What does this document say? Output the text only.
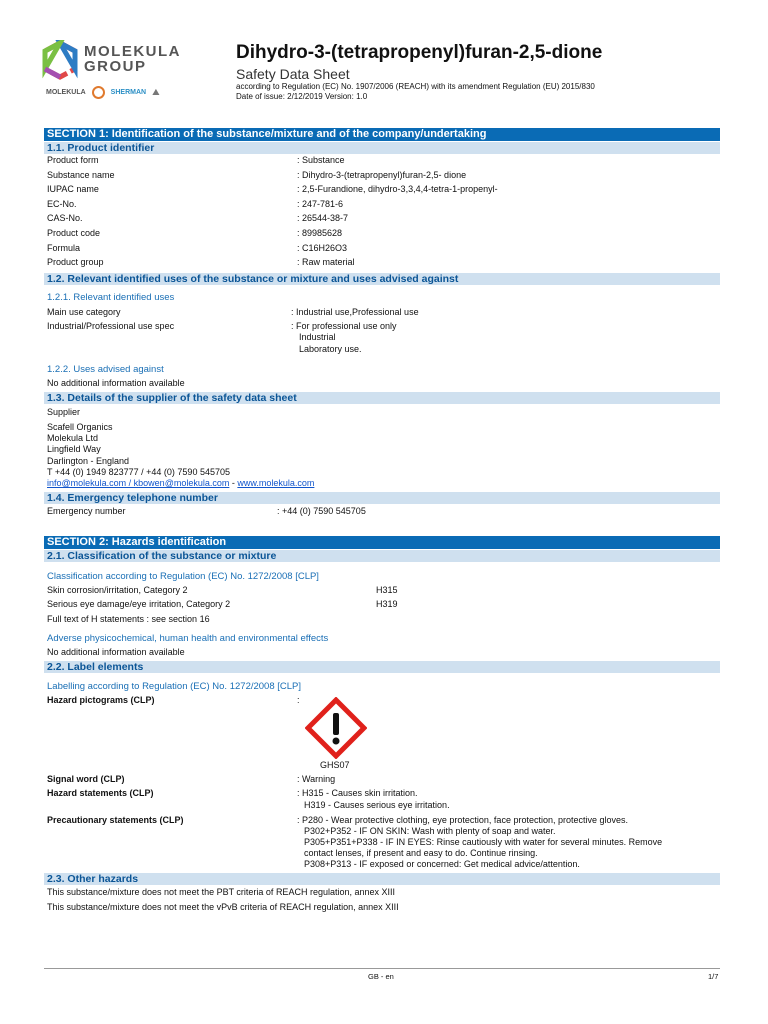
MOLEKULA
GROUP
MOLEKULA	SHERMAN ⛰
Dihydro-3-(tetrapropenyl)furan-2,5-dione
Safety Data Sheet
according to Regulation (EC) No. 1907/2006 (REACH) with its amendment Regulation (EU) 2015/830
Date of issue: 2/12/2019 Version: 1.0
SECTION 1: Identification of the substance/mixture and of the company/undertaking
1.1. Product identifier
Product form	: Substance
Substance name	: Dihydro-3-(tetrapropenyl)furan-2,5- dione
IUPAC name	: 2,5-Furandione, dihydro-3,3,4,4-tetra-1-propenyl-
EC-No.	: 247-781-6
CAS-No.	: 26544-38-7
Product code	: 89985628
Formula	: C16H26O3
Product group	: Raw material
1.2. Relevant identified uses of the substance or mixture and uses advised against
1.2.1. Relevant identified uses
Main use category	: Industrial use,Professional use
Industrial/Professional use spec	: For professional use only
Industrial
Laboratory use.
1.2.2. Uses advised against
No additional information available
1.3. Details of the supplier of the safety data sheet
Supplier
Scafell Organics
Molekula Ltd
Lingfield Way
Darlington - England
T +44 (0) 1949 823777 / +44 (0) 7590 545705
info@molekula.com / kbowen@molekula.com - www.molekula.com
1.4. Emergency telephone number
Emergency number	: +44 (0) 7590 545705
SECTION 2: Hazards identification
2.1. Classification of the substance or mixture
Classification according to Regulation (EC) No. 1272/2008 [CLP]
Skin corrosion/irritation, Category 2	H315
Serious eye damage/eye irritation, Category 2	H319
Full text of H statements : see section 16
Adverse physicochemical, human health and environmental effects
No additional information available
2.2. Label elements
Labelling according to Regulation (EC) No. 1272/2008 [CLP]
Hazard pictograms (CLP)	:
GHS07
Signal word (CLP)	: Warning
Hazard statements (CLP)	: H315 - Causes skin irritation.
H319 - Causes serious eye irritation.
Precautionary statements (CLP)	: P280 - Wear protective clothing, eye protection, face protection, protective gloves.
P302+P352 - IF ON SKIN: Wash with plenty of soap and water.
P305+P351+P338 - IF IN EYES: Rinse cautiously with water for several minutes. Remove
contact lenses, if present and easy to do. Continue rinsing.
P308+P313 - IF exposed or concerned: Get medical advice/attention.
2.3. Other hazards
This substance/mixture does not meet the PBT criteria of REACH regulation, annex XIII
This substance/mixture does not meet the vPvB criteria of REACH regulation, annex XIII
GB - en	1/7
